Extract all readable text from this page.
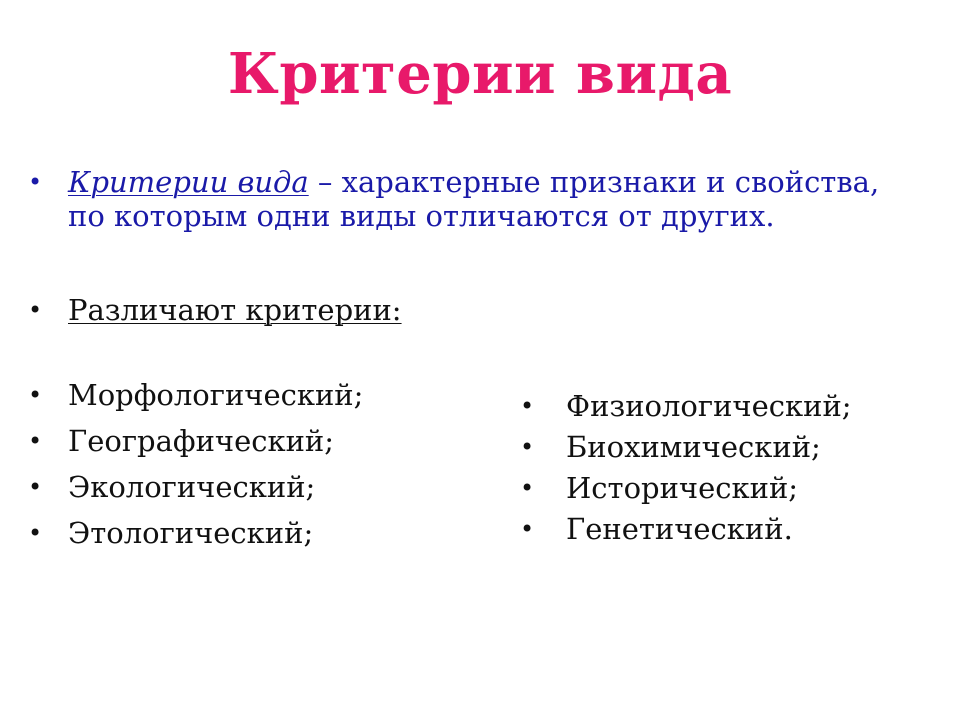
Критерии вида
• Критерии вида – характерные признаки и свойства, по которым одни виды отличаются от других.
• Различают критерии:
• Морфологический;
• Географический;
• Экологический;
• Этологический;
•	Физиологический;
•	Биохимический;
•	Исторический;
•	Генетический.
